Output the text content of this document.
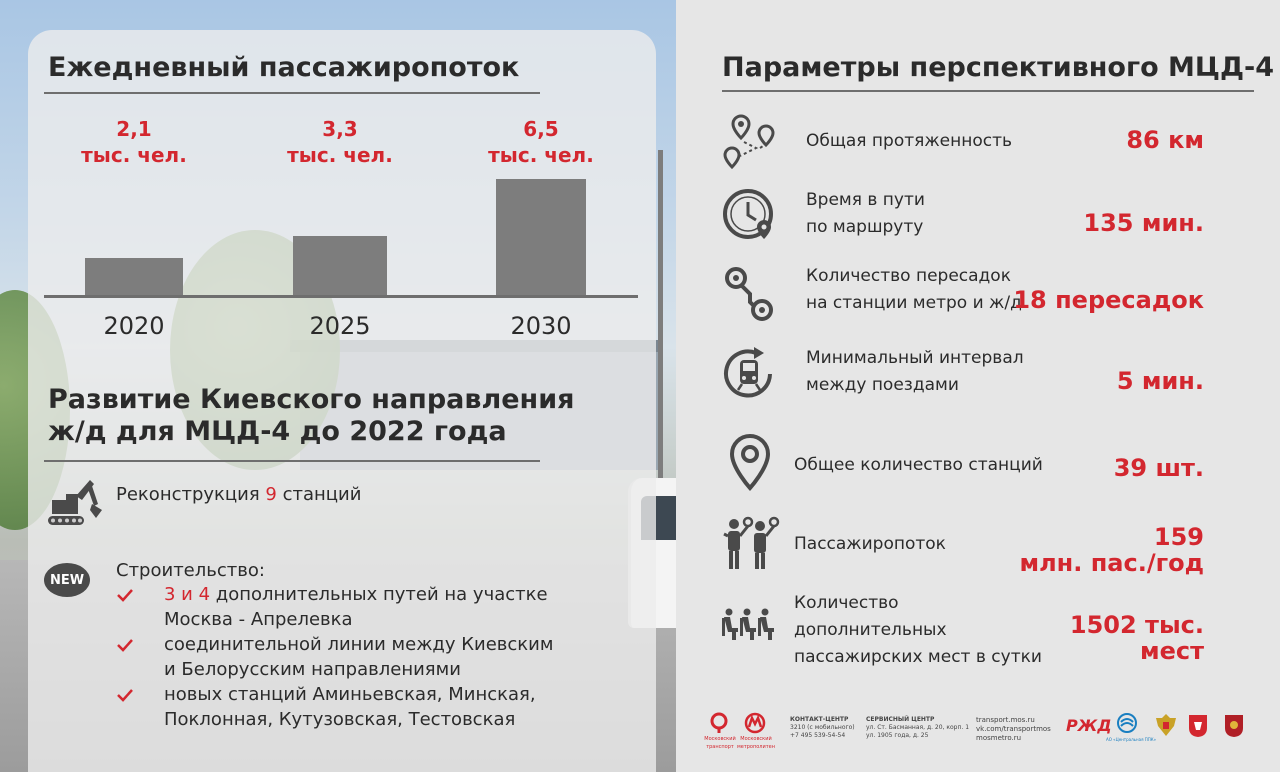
Ежедневный пассажиропоток
2,1
тыс. чел.
2020
3,3
тыс. чел.
2025
6,5
тыс. чел.
2030
Развитие Киевского направления
ж/д для МЦД-4 до 2022 года
Реконструкция 9 станций
NEW	Строительство:
3 и 4 дополнительных путей на участке
Москва - Апрелевка
соединительной линии между Киевским
и Белорусским направлениями
новых станций Аминьевская, Минская,
Поклонная, Кутузовская, Тестовская
Параметры перспективного МЦД-4
Общая протяженность	86 км
Время в пути
по маршруту	135 мин.
Количество пересадок
на станции метро и ж/д
18 пересадок
Минимальный интервал
между поездами	5 мин.
Общее количество станций	39 шт.
Пассажиропоток	159
млн. пас./год
Количество
дополнительных
пассажирских мест в сутки
1502 тыс.
мест
Московский транспорт
Московский метрополитен
КОНТАКТ-ЦЕНТР
3210 (с мобильного)
+7 495 539-54-54
СЕРВИСНЫЙ ЦЕНТР
ул. Ст. Басманная, д. 20, корп. 1
ул. 1905 года, д. 25
transport.mos.ru
vk.com/transportmos
mosmetro.ru
РЖД
АО «Центральная ППК»
